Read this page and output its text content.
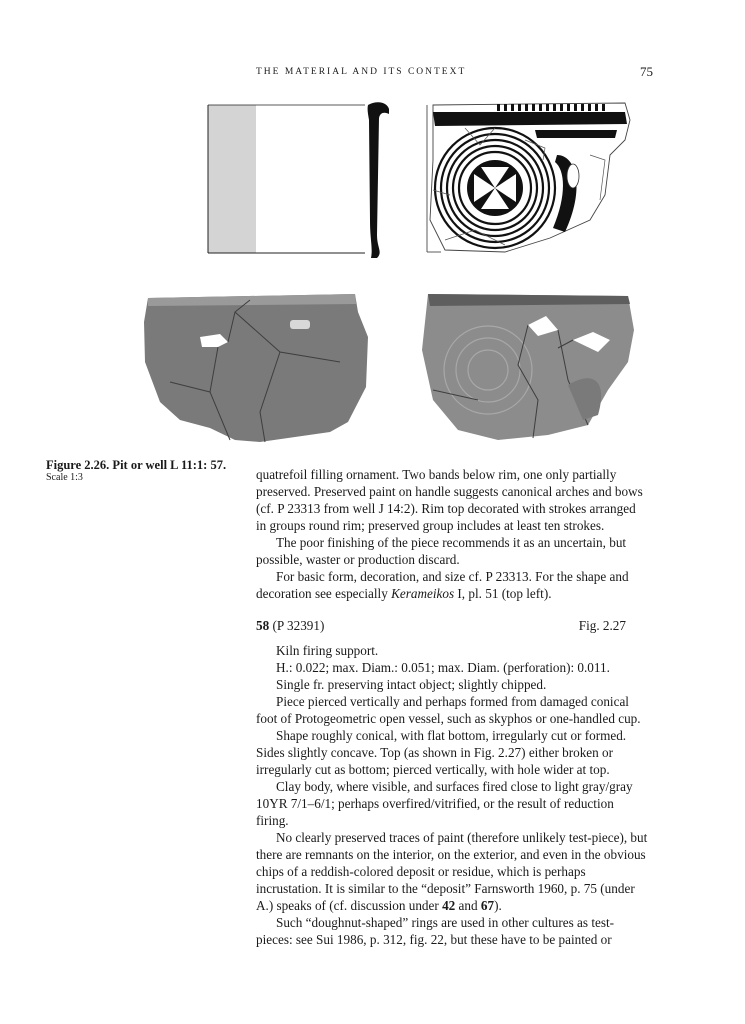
THE MATERIAL AND ITS CONTEXT	75
Figure 2.26. Pit or well L 11:1: 57.
Scale 1:3	quatrefoil filling ornament. Two bands below rim, one only partially preserved. Preserved paint on handle suggests canonical arches and bows (cf. P 23313 from well J 14:2). Rim top decorated with strokes arranged in groups round rim; preserved group includes at least ten strokes.

The poor finishing of the piece recommends it as an uncertain, but possible, waster or production discard.

For basic form, decoration, and size cf. P 23313. For the shape and decoration see especially Kerameikos I, pl. 51 (top left).

58 (P 32391)	Fig. 2.27

Kiln firing support.

H.: 0.022; max. Diam.: 0.051; max. Diam. (perforation): 0.011.

Single fr. preserving intact object; slightly chipped.

Piece pierced vertically and perhaps formed from damaged conical foot of Protogeometric open vessel, such as skyphos or one-handled cup.

Shape roughly conical, with flat bottom, irregularly cut or formed. Sides slightly concave. Top (as shown in Fig. 2.27) either broken or irregularly cut as bottom; pierced vertically, with hole wider at top.

Clay body, where visible, and surfaces fired close to light gray/gray 10YR 7/1–6/1; perhaps overfired/vitrified, or the result of reduction firing.

No clearly preserved traces of paint (therefore unlikely test-piece), but there are remnants on the interior, on the exterior, and even in the obvious chips of a reddish-colored deposit or residue, which is perhaps incrustation. It is similar to the “deposit” Farnsworth 1960, p. 75 (under A.) speaks of (cf. discussion under 42 and 67).

Such “doughnut-shaped” rings are used in other cultures as test-pieces: see Sui 1986, p. 312, fig. 22, but these have to be painted or
